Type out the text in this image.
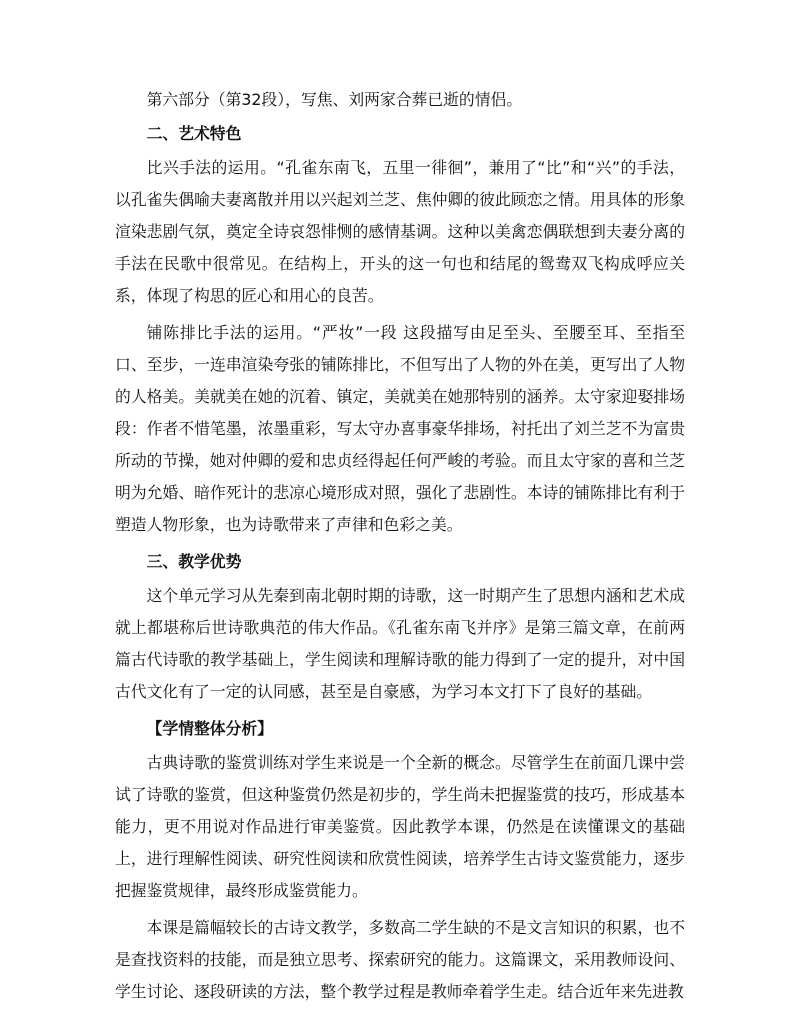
第六部分（第32段），写焦、刘两家合葬已逝的情侣。

二、艺术特色

比兴手法的运用。“孔雀东南飞，五里一徘徊”，兼用了“比”和“兴”的手法，以孔雀失偶喻夫妻离散并用以兴起刘兰芝、焦仲卿的彼此顾恋之情。用具体的形象渲染悲剧气氛，奠定全诗哀怨悱恻的感情基调。这种以美禽恋偶联想到夫妻分离的手法在民歌中很常见。在结构上，开头的这一句也和结尾的鸳鸯双飞构成呼应关系，体现了构思的匠心和用心的良苦。

铺陈排比手法的运用。“严妆”一段 这段描写由足至头、至腰至耳、至指至口、至步，一连串渲染夸张的铺陈排比，不但写出了人物的外在美，更写出了人物的人格美。美就美在她的沉着、镇定，美就美在她那特别的涵养。太守家迎娶排场段：作者不惜笔墨，浓墨重彩，写太守办喜事豪华排场，衬托出了刘兰芝不为富贵所动的节操，她对仲卿的爱和忠贞经得起任何严峻的考验。而且太守家的喜和兰芝明为允婚、暗作死计的悲凉心境形成对照，强化了悲剧性。本诗的铺陈排比有利于塑造人物形象，也为诗歌带来了声律和色彩之美。

三、教学优势

这个单元学习从先秦到南北朝时期的诗歌，这一时期产生了思想内涵和艺术成就上都堪称后世诗歌典范的伟大作品。《孔雀东南飞并序》是第三篇文章，在前两篇古代诗歌的教学基础上，学生阅读和理解诗歌的能力得到了一定的提升，对中国古代文化有了一定的认同感，甚至是自豪感，为学习本文打下了良好的基础。

【学情整体分析】

古典诗歌的鉴赏训练对学生来说是一个全新的概念。尽管学生在前面几课中尝试了诗歌的鉴赏，但这种鉴赏仍然是初步的，学生尚未把握鉴赏的技巧，形成基本能力，更不用说对作品进行审美鉴赏。因此教学本课，仍然是在读懂课文的基础上，进行理解性阅读、研究性阅读和欣赏性阅读，培养学生古诗文鉴赏能力，逐步把握鉴赏规律，最终形成鉴赏能力。

本课是篇幅较长的古诗文教学，多数高二学生缺的不是文言知识的积累，也不是查找资料的技能，而是独立思考、探索研究的能力。这篇课文，采用教师设问、学生讨论、逐段研读的方法，整个教学过程是教师牵着学生走。结合近年来先进教
